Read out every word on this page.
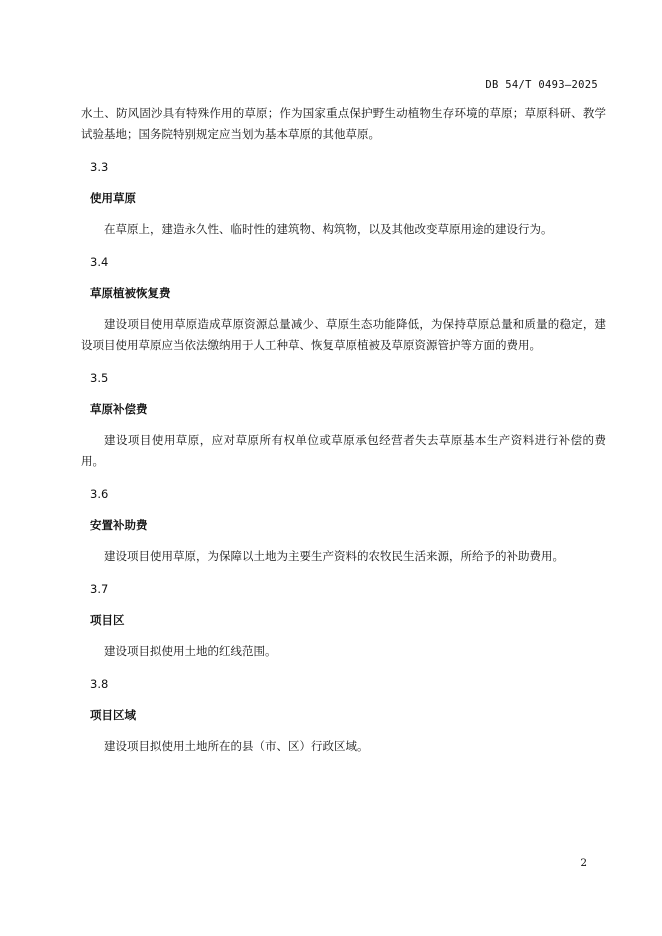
DB 54/T 0493—2025

水土、防风固沙具有特殊作用的草原；作为国家重点保护野生动植物生存环境的草原；草原科研、教学试验基地；国务院特别规定应当划为基本草原的其他草原。

3.3

使用草原

在草原上，建造永久性、临时性的建筑物、构筑物，以及其他改变草原用途的建设行为。

3.4

草原植被恢复费

建设项目使用草原造成草原资源总量减少、草原生态功能降低，为保持草原总量和质量的稳定，建设项目使用草原应当依法缴纳用于人工种草、恢复草原植被及草原资源管护等方面的费用。

3.5

草原补偿费

建设项目使用草原，应对草原所有权单位或草原承包经营者失去草原基本生产资料进行补偿的费用。

3.6

安置补助费

建设项目使用草原，为保障以土地为主要生产资料的农牧民生活来源，所给予的补助费用。

3.7

项目区

建设项目拟使用土地的红线范围。

3.8

项目区域

建设项目拟使用土地所在的县（市、区）行政区域。

2
